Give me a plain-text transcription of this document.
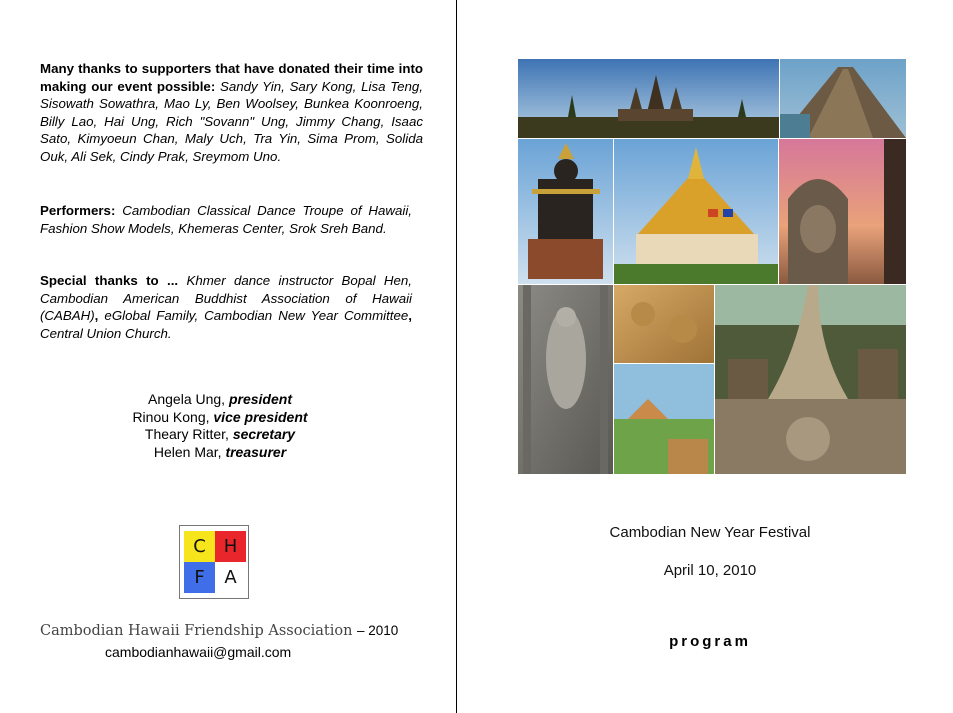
Many thanks to supporters that have donated their time into making our event possible: Sandy Yin, Sary Kong, Lisa Teng, Sisowath Sowathra, Mao Ly, Ben Woolsey, Bunkea Koonroeng, Billy Lao, Hai Ung, Rich "Sovann" Ung, Jimmy Chang, Isaac Sato, Kimyoeun Chan, Maly Uch, Tra Yin, Sima Prom, Solida Ouk, Ali Sek, Cindy Prak, Sreymom Uno.
Performers: Cambodian Classical Dance Troupe of Hawaii, Fashion Show Models, Khemeras Center, Srok Sreh Band.
Special thanks to ... Khmer dance instructor Bopal Hen, Cambodian American Buddhist Association of Hawaii (CABAH), eGlobal Family, Cambodian New Year Committee, Central Union Church.
Angela Ung, president
Rinou Kong, vice president
Theary Ritter, secretary
Helen Mar, treasurer
C H
F	A
Cambodian Hawaii Friendship Association – 2010
cambodianhawaii@gmail.com
Cambodian New Year Festival
April 10, 2010
program
